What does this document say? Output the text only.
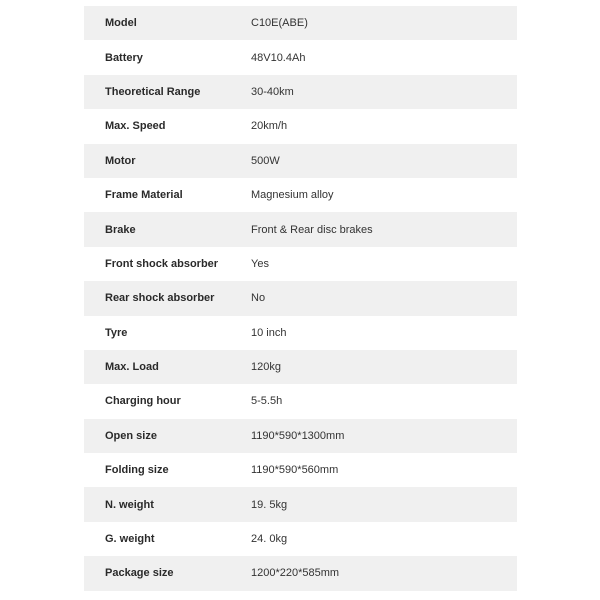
Model	C10E(ABE)
Battery	48V10.4Ah
Theoretical Range	30-40km
Max. Speed	20km/h
Motor	500W
Frame Material	Magnesium alloy
Brake	Front & Rear disc brakes
Front shock absorber	Yes
Rear shock absorber	No
Tyre	10 inch
Max. Load	120kg
Charging hour	5-5.5h
Open size	1190*590*1300mm
Folding size	1190*590*560mm
N. weight	19. 5kg
G. weight	24. 0kg
Package size	1200*220*585mm
